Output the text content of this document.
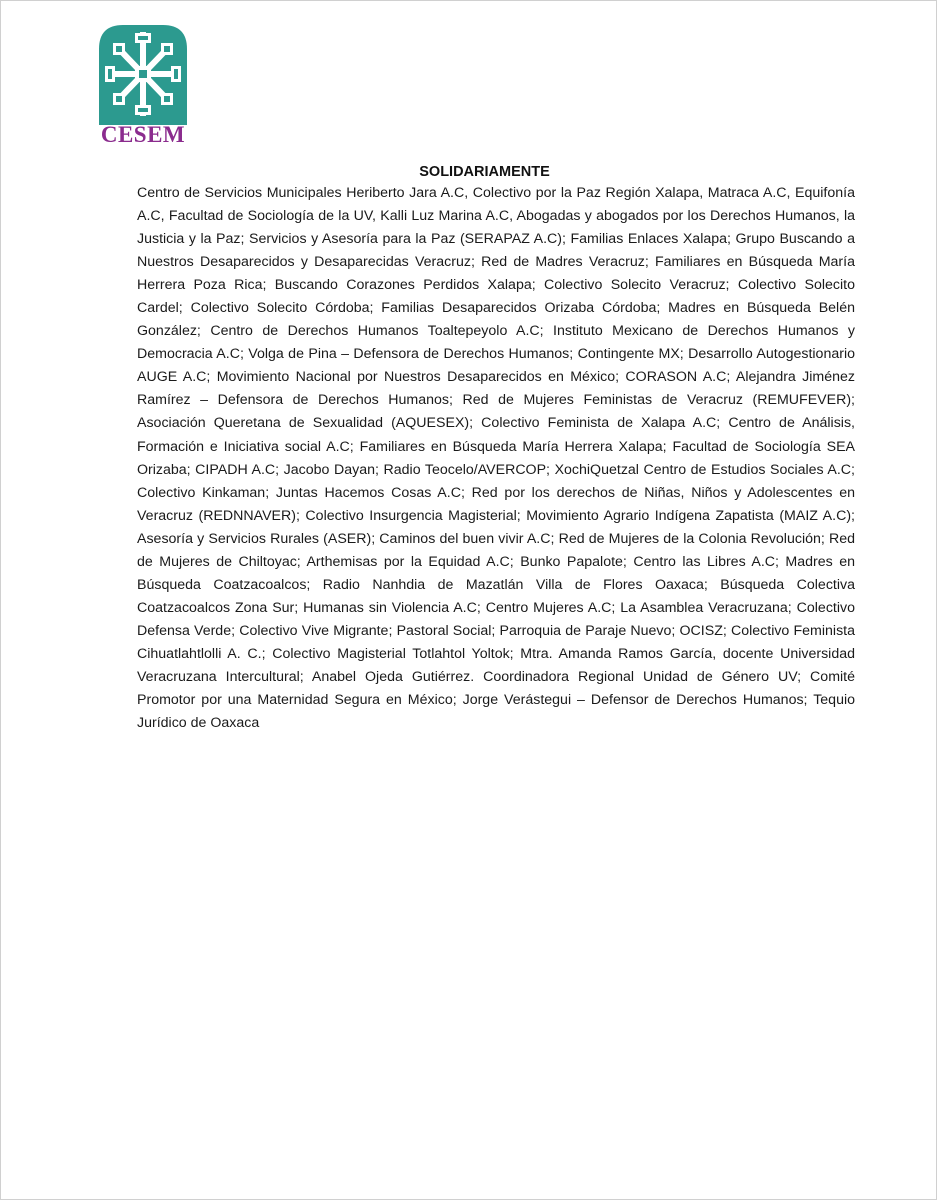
CESEM
SOLIDARIAMENTE

Centro de Servicios Municipales Heriberto Jara A.C, Colectivo por la Paz Región Xalapa, Matraca A.C, Equifonía A.C, Facultad de Sociología de la UV, Kalli Luz Marina A.C, Abogadas y abogados por los Derechos Humanos, la Justicia y la Paz; Servicios y Asesoría para la Paz (SERAPAZ A.C); Familias Enlaces Xalapa; Grupo Buscando a Nuestros Desaparecidos y Desaparecidas Veracruz; Red de Madres Veracruz; Familiares en Búsqueda María Herrera Poza Rica; Buscando Corazones Perdidos Xalapa; Colectivo Solecito Veracruz; Colectivo Solecito Cardel; Colectivo Solecito Córdoba; Familias Desaparecidos Orizaba Córdoba; Madres en Búsqueda Belén González; Centro de Derechos Humanos Toaltepeyolo A.C; Instituto Mexicano de Derechos Humanos y Democracia A.C; Volga de Pina – Defensora de Derechos Humanos; Contingente MX; Desarrollo Autogestionario AUGE A.C; Movimiento Nacional por Nuestros Desaparecidos en México; CORASON A.C; Alejandra Jiménez Ramírez – Defensora de Derechos Humanos; Red de Mujeres Feministas de Veracruz (REMUFEVER); Asociación Queretana de Sexualidad (AQUESEX); Colectivo Feminista de Xalapa A.C; Centro de Análisis, Formación e Iniciativa social A.C; Familiares en Búsqueda María Herrera Xalapa; Facultad de Sociología SEA Orizaba; CIPADH A.C; Jacobo Dayan; Radio Teocelo/AVERCOP; XochiQuetzal Centro de Estudios Sociales A.C; Colectivo Kinkaman; Juntas Hacemos Cosas A.C; Red por los derechos de Niñas, Niños y Adolescentes en Veracruz (REDNNAVER); Colectivo Insurgencia Magisterial; Movimiento Agrario Indígena Zapatista (MAIZ A.C); Asesoría y Servicios Rurales (ASER); Caminos del buen vivir A.C; Red de Mujeres de la Colonia Revolución; Red de Mujeres de Chiltoyac; Arthemisas por la Equidad A.C; Bunko Papalote; Centro las Libres A.C; Madres en Búsqueda Coatzacoalcos; Radio Nanhdia de Mazatlán Villa de Flores Oaxaca; Búsqueda Colectiva Coatzacoalcos Zona Sur; Humanas sin Violencia A.C; Centro Mujeres A.C; La Asamblea Veracruzana; Colectivo Defensa Verde; Colectivo Vive Migrante; Pastoral Social; Parroquia de Paraje Nuevo; OCISZ; Colectivo Feminista Cihuatlahtlolli A. C.; Colectivo Magisterial Totlahtol Yoltok; Mtra. Amanda Ramos García, docente Universidad Veracruzana Intercultural; Anabel Ojeda Gutiérrez. Coordinadora Regional Unidad de Género UV; Comité Promotor por una Maternidad Segura en México; Jorge Verástegui – Defensor de Derechos Humanos; Tequio Jurídico de Oaxaca
